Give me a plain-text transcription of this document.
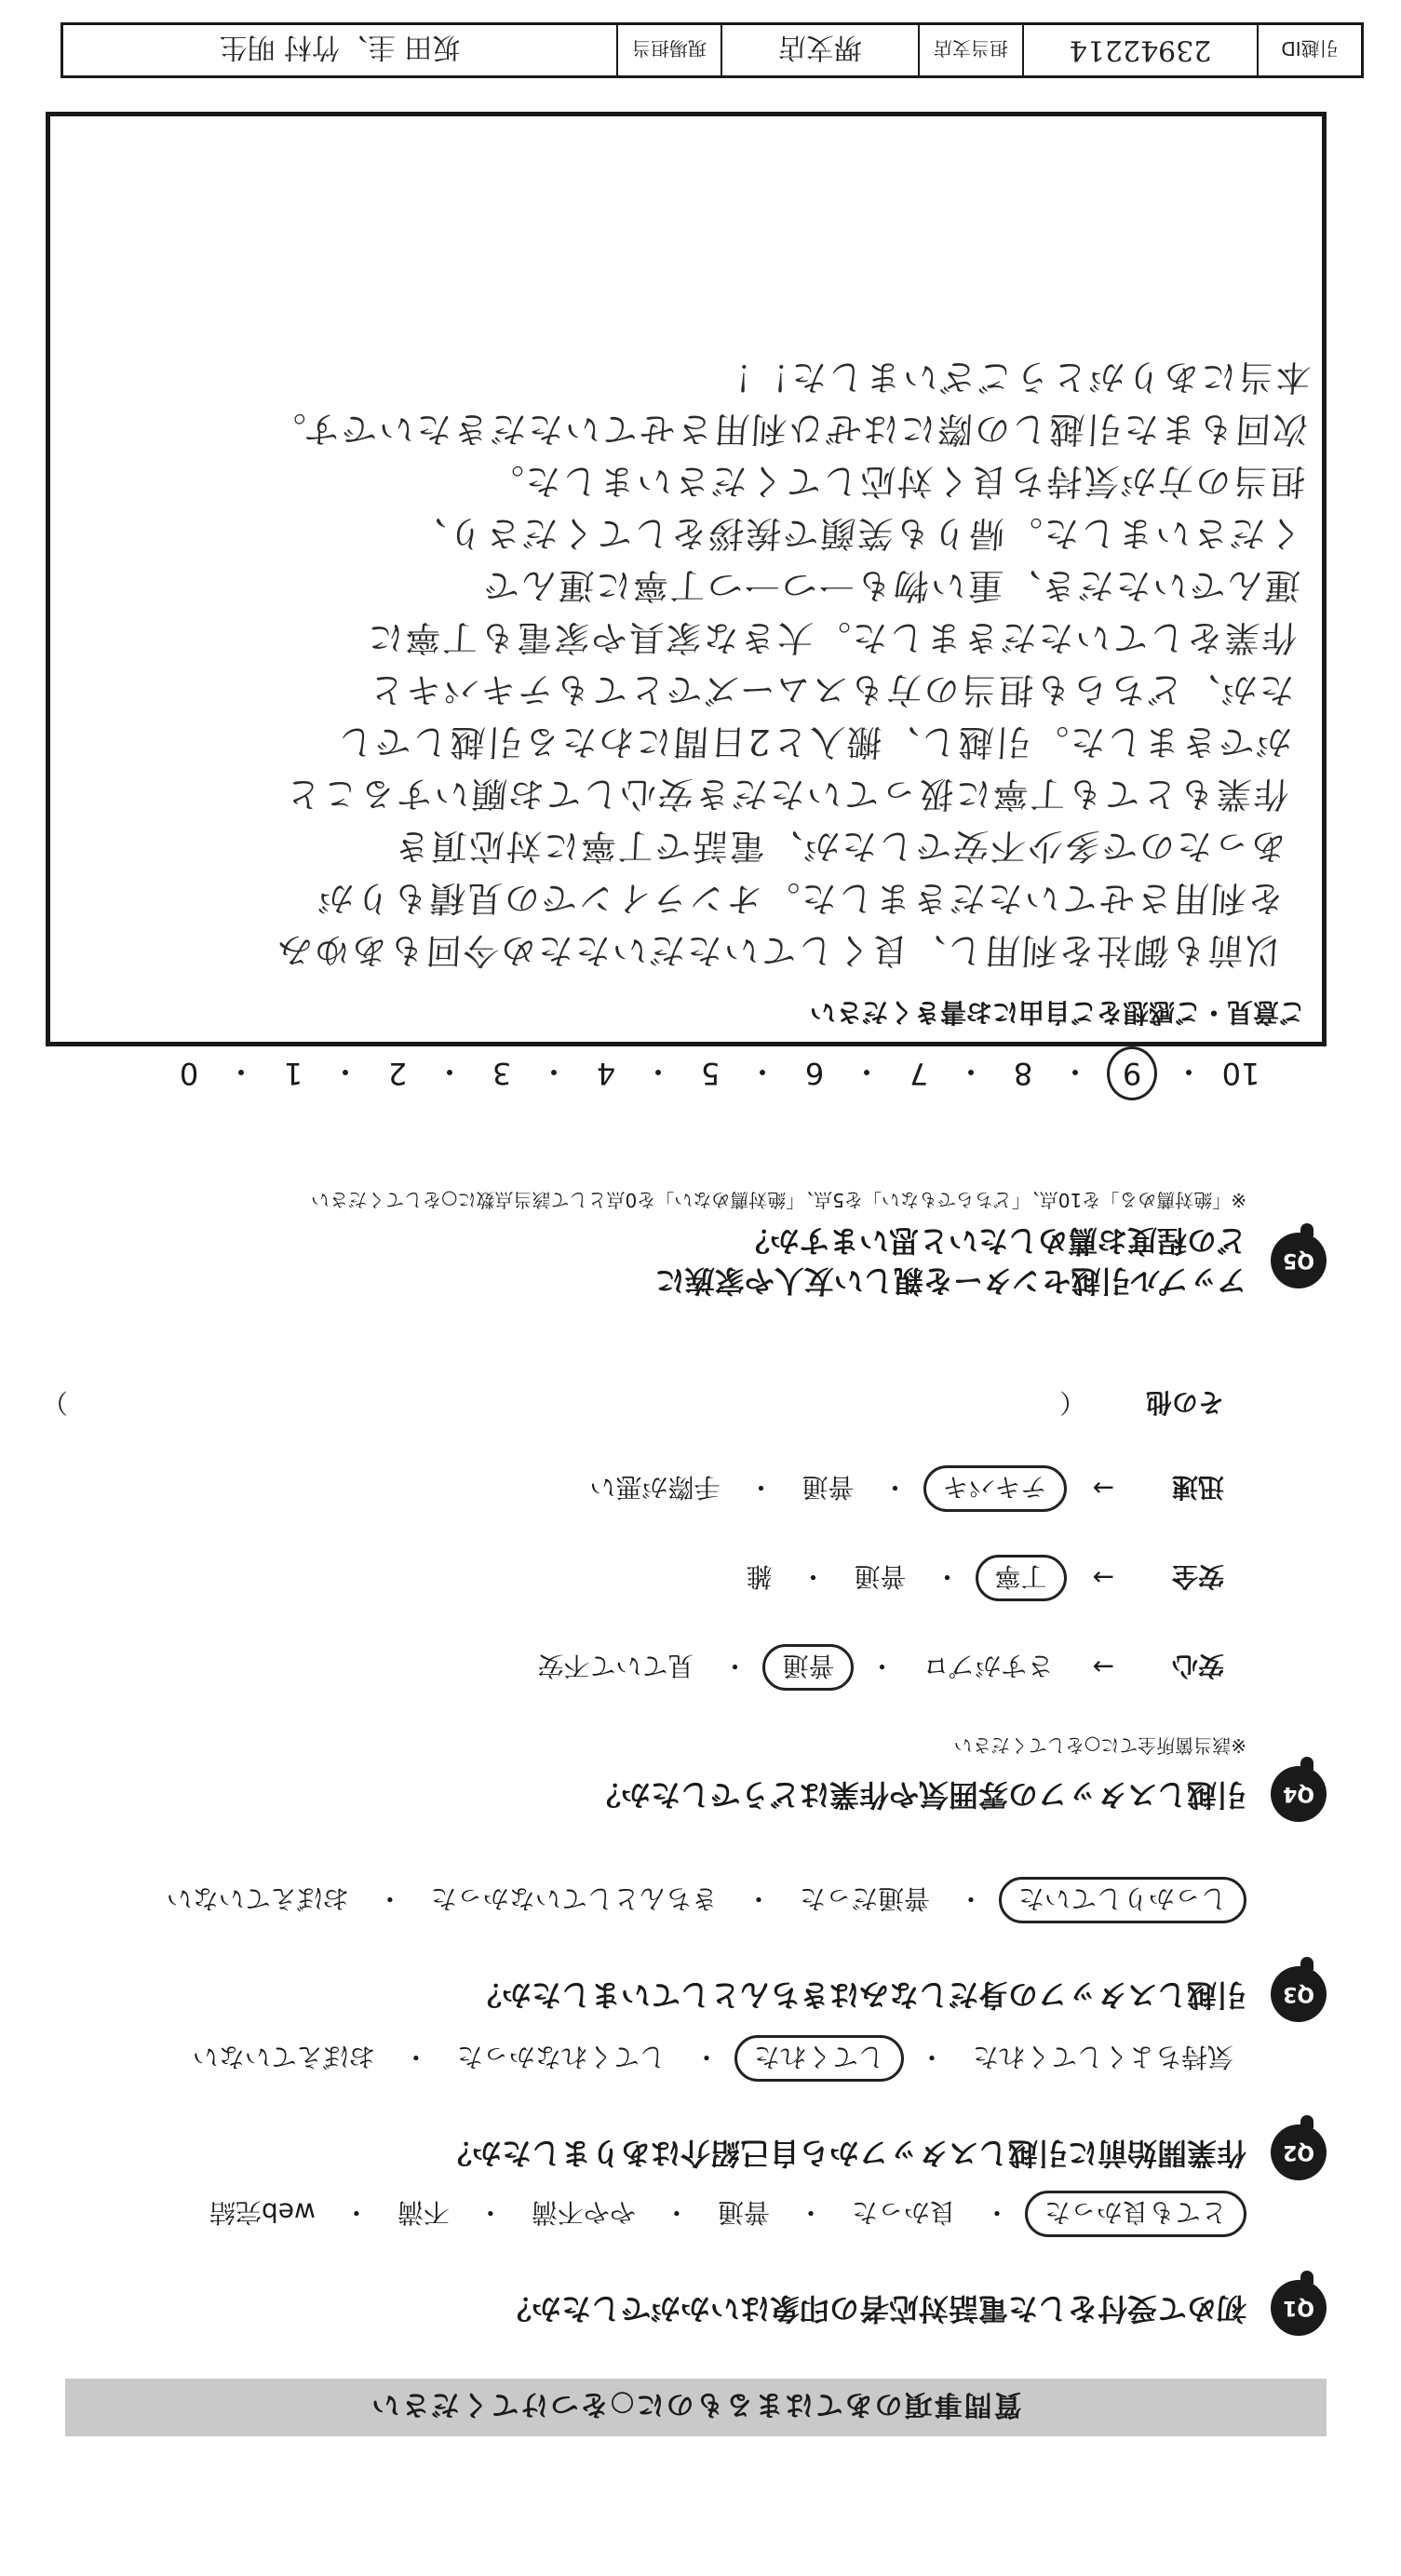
質問事項のあてはまるものに○をつけてください
Q1
初めて受付をした電話対応者の印象はいかがでしたか？
とても良かった
・
良かった
・
普通
・
やや不満
・
不満
・
web完結
Q2
作業開始前に引越しスタッフから自己紹介はありましたか？
気持ちよくしてくれた
・
してくれた
・
してくれなかった
・
おぼえていない
Q3
引越しスタッフの身だしなみはきちんとしていましたか？
しっかりしていた
・
普通だった
・
きちんとしていなかった
・
おぼえていない
Q4
引越しスタッフの雰囲気や作業はどうでしたか？
※該当箇所全てに○をしてください
安心
→
さすがプロ
・
普通
・
見ていて不安
安全
→
丁寧
・
普通
・
雑
迅速
→
テキパキ
・
普通
・
手際が悪い
その他
（
）
Q5
アップル引越センターを親しい友人や家族に
どの程度お薦めしたいと思いますか？
※「絶対薦める」を10点、「どちらでもない」を5点、「絶対薦めない」を0点として該当点数に○をしてください
10
・
9
・
8
・
7
・
6
・
5
・
4
・
3
・
2
・
1
・
0
ご意見・ご感想をご自由にお書きください
以前も御社を利用し、良くしていただいたため今回もあゆみ
を利用させていただきました。オンラインでの見積もりが
あったので多少不安でしたが、電話で丁寧に対応頂き
作業もとても丁寧に扱っていただき安心してお願いすること
ができました。引越し、搬入と2日間にわたる引越しでし
たが、どちらも担当の方もスムーズでとてもテキパキと
作業をしていただきました。大きな家具や家電も丁寧に
運んでいただき、重い物も一つ一つ丁寧に運んで
くださいました。帰りも笑顔で挨拶をしてくださり、
担当の方が気持ち良く対応してくださいました。
次回もまた引越しの際にはぜひ利用させていただきたいです。
本当にありがとうございました！！
引越ID
23942214
担当支店
堺支店
現場担当
坂田 圭、竹村 明生
